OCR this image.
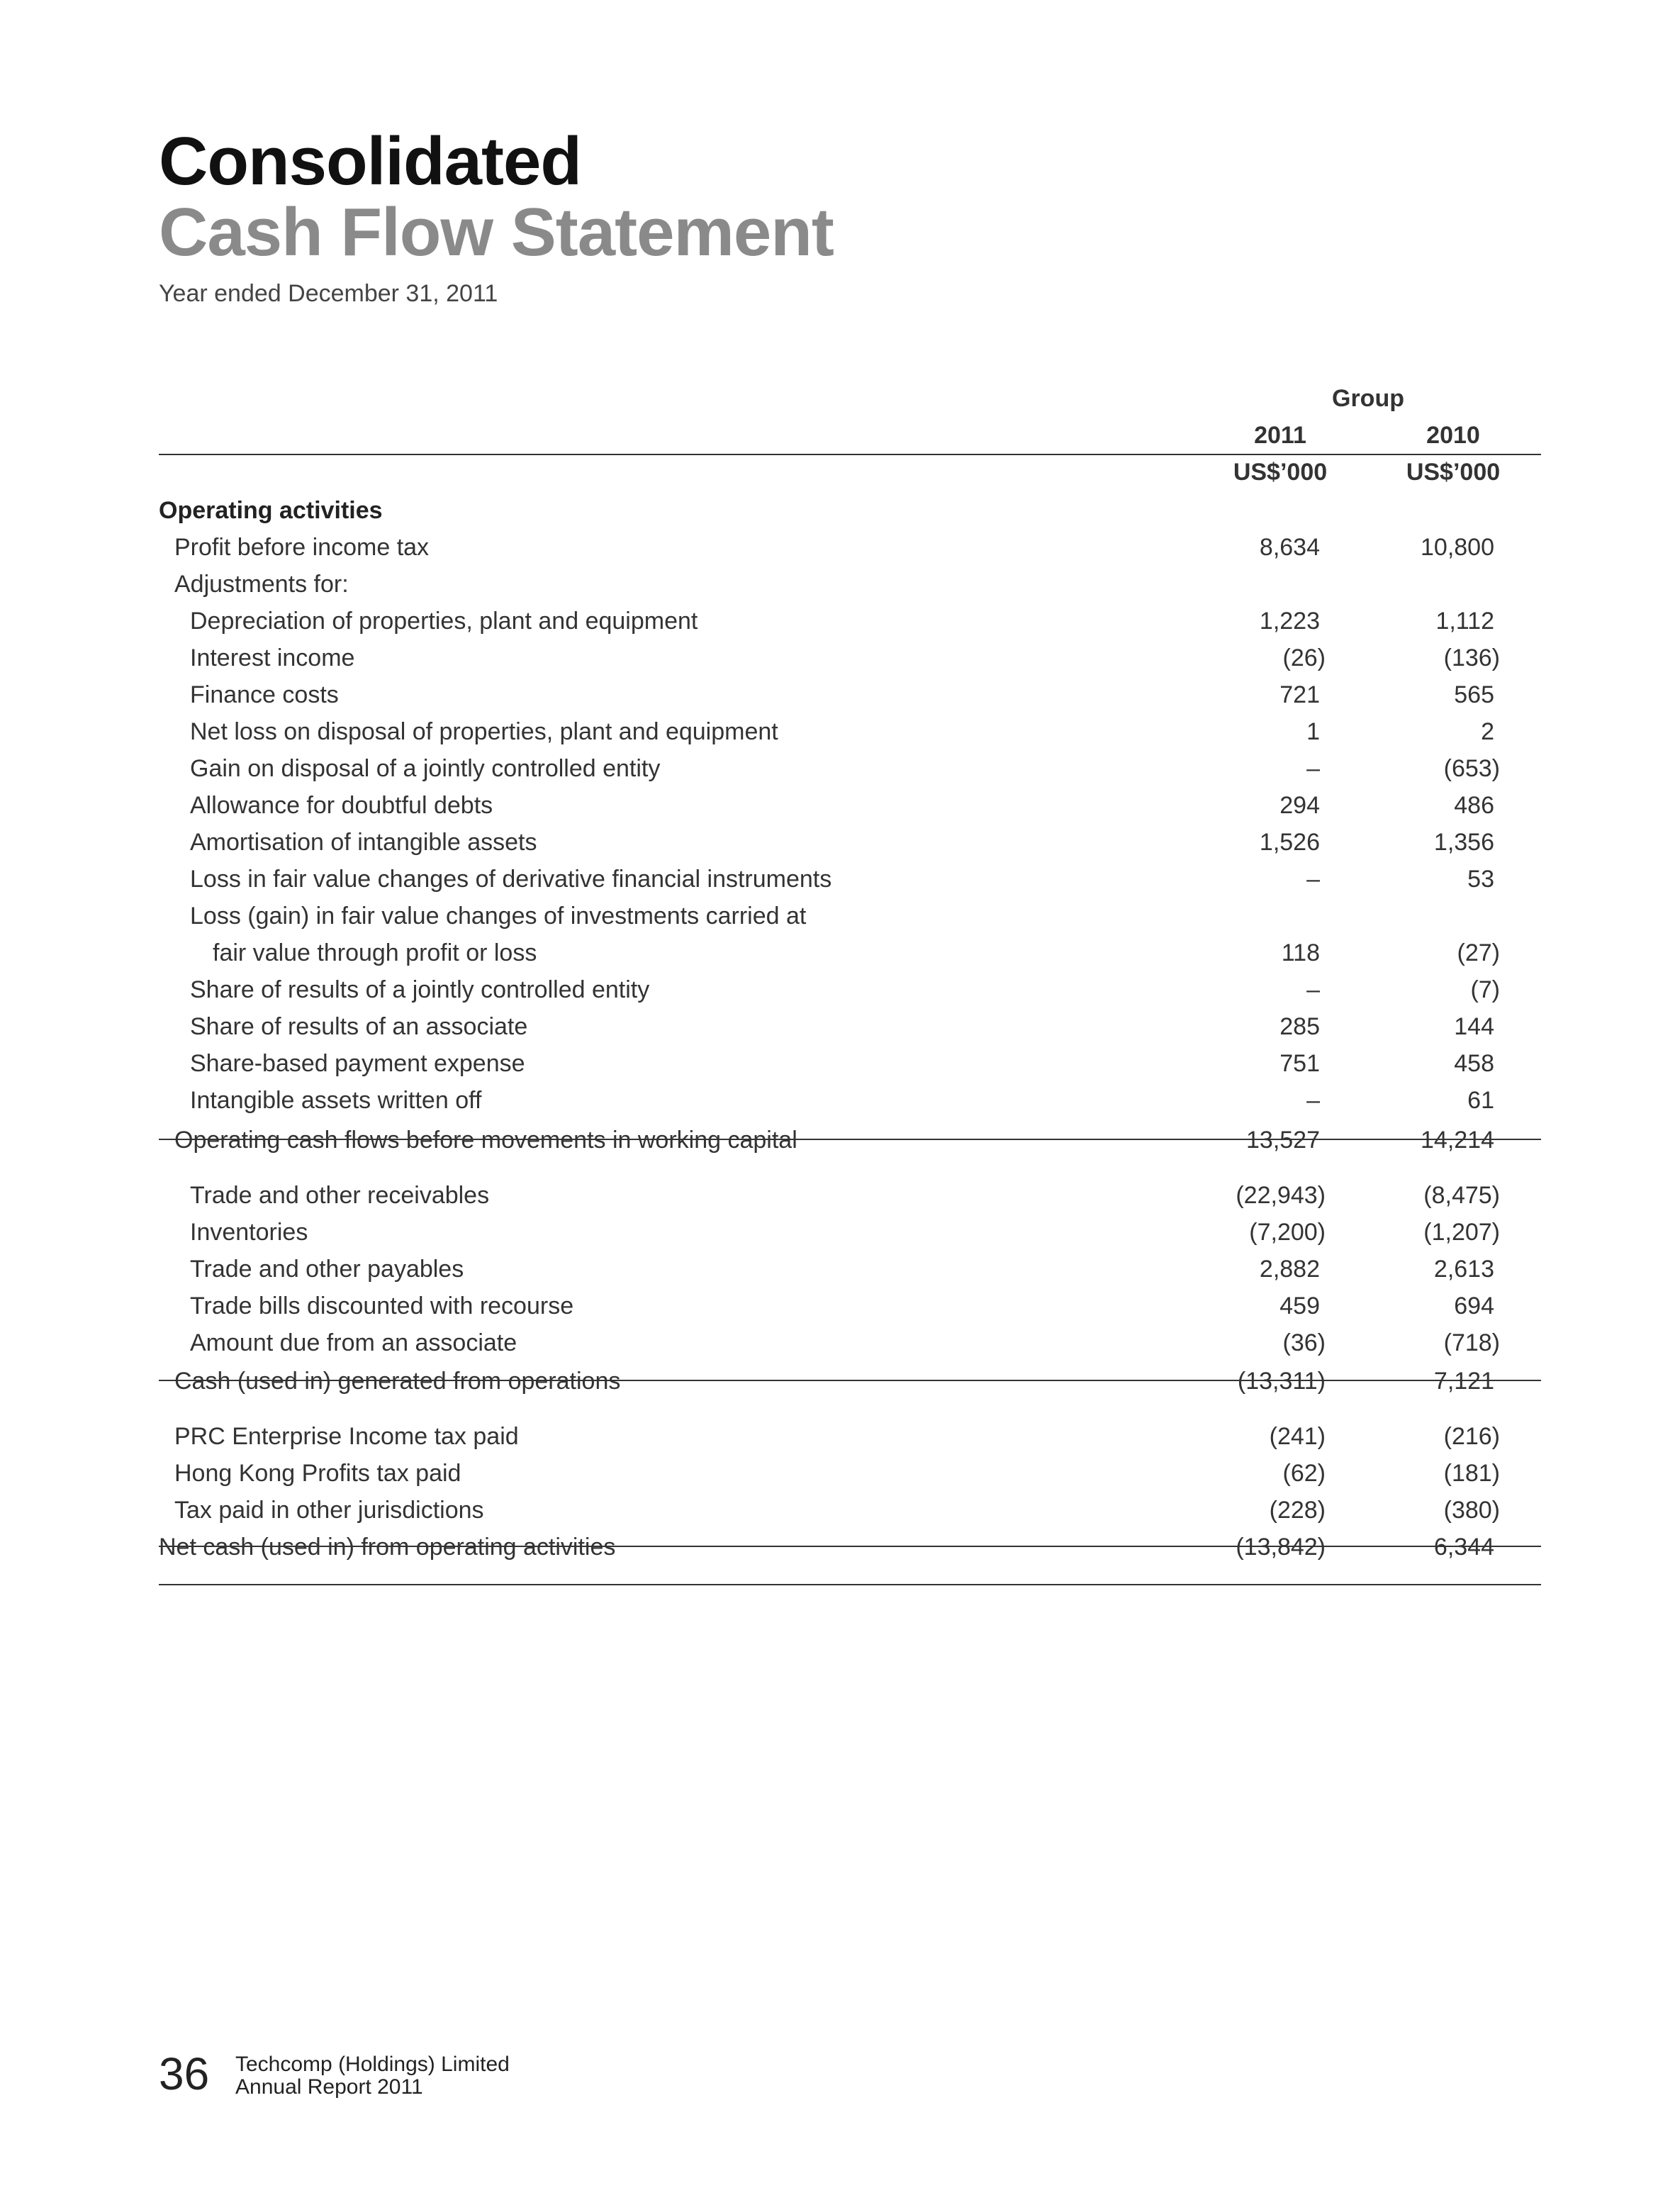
Consolidated
Cash Flow Statement
Year ended December 31, 2011
Group
2011	2010
US$’000	US$’000
Operating activities
Profit before income tax	8,634	10,800
Adjustments for:
Depreciation of properties, plant and equipment	1,223	1,112
Interest income	(26)	(136)
Finance costs	721	565
Net loss on disposal of properties, plant and equipment	1	2
Gain on disposal of a jointly controlled entity	–	(653)
Allowance for doubtful debts	294	486
Amortisation of intangible assets	1,526	1,356
Loss in fair value changes of derivative financial instruments	–	53
Loss (gain) in fair value changes of investments carried at
fair value through profit or loss	118	(27)
Share of results of a jointly controlled entity	–	(7)
Share of results of an associate	285	144
Share-based payment expense	751	458
Intangible assets written off	–	61
Operating cash flows before movements in working capital	13,527	14,214
Trade and other receivables	(22,943)	(8,475)
Inventories	(7,200)	(1,207)
Trade and other payables	2,882	2,613
Trade bills discounted with recourse	459	694
Amount due from an associate	(36)	(718)
Cash (used in) generated from operations	(13,311)	7,121
PRC Enterprise Income tax paid	(241)	(216)
Hong Kong Profits tax paid	(62)	(181)
Tax paid in other jurisdictions	(228)	(380)
Net cash (used in) from operating activities	(13,842)	6,344
36 Techcomp (Holdings) Limited
Annual Report 2011
